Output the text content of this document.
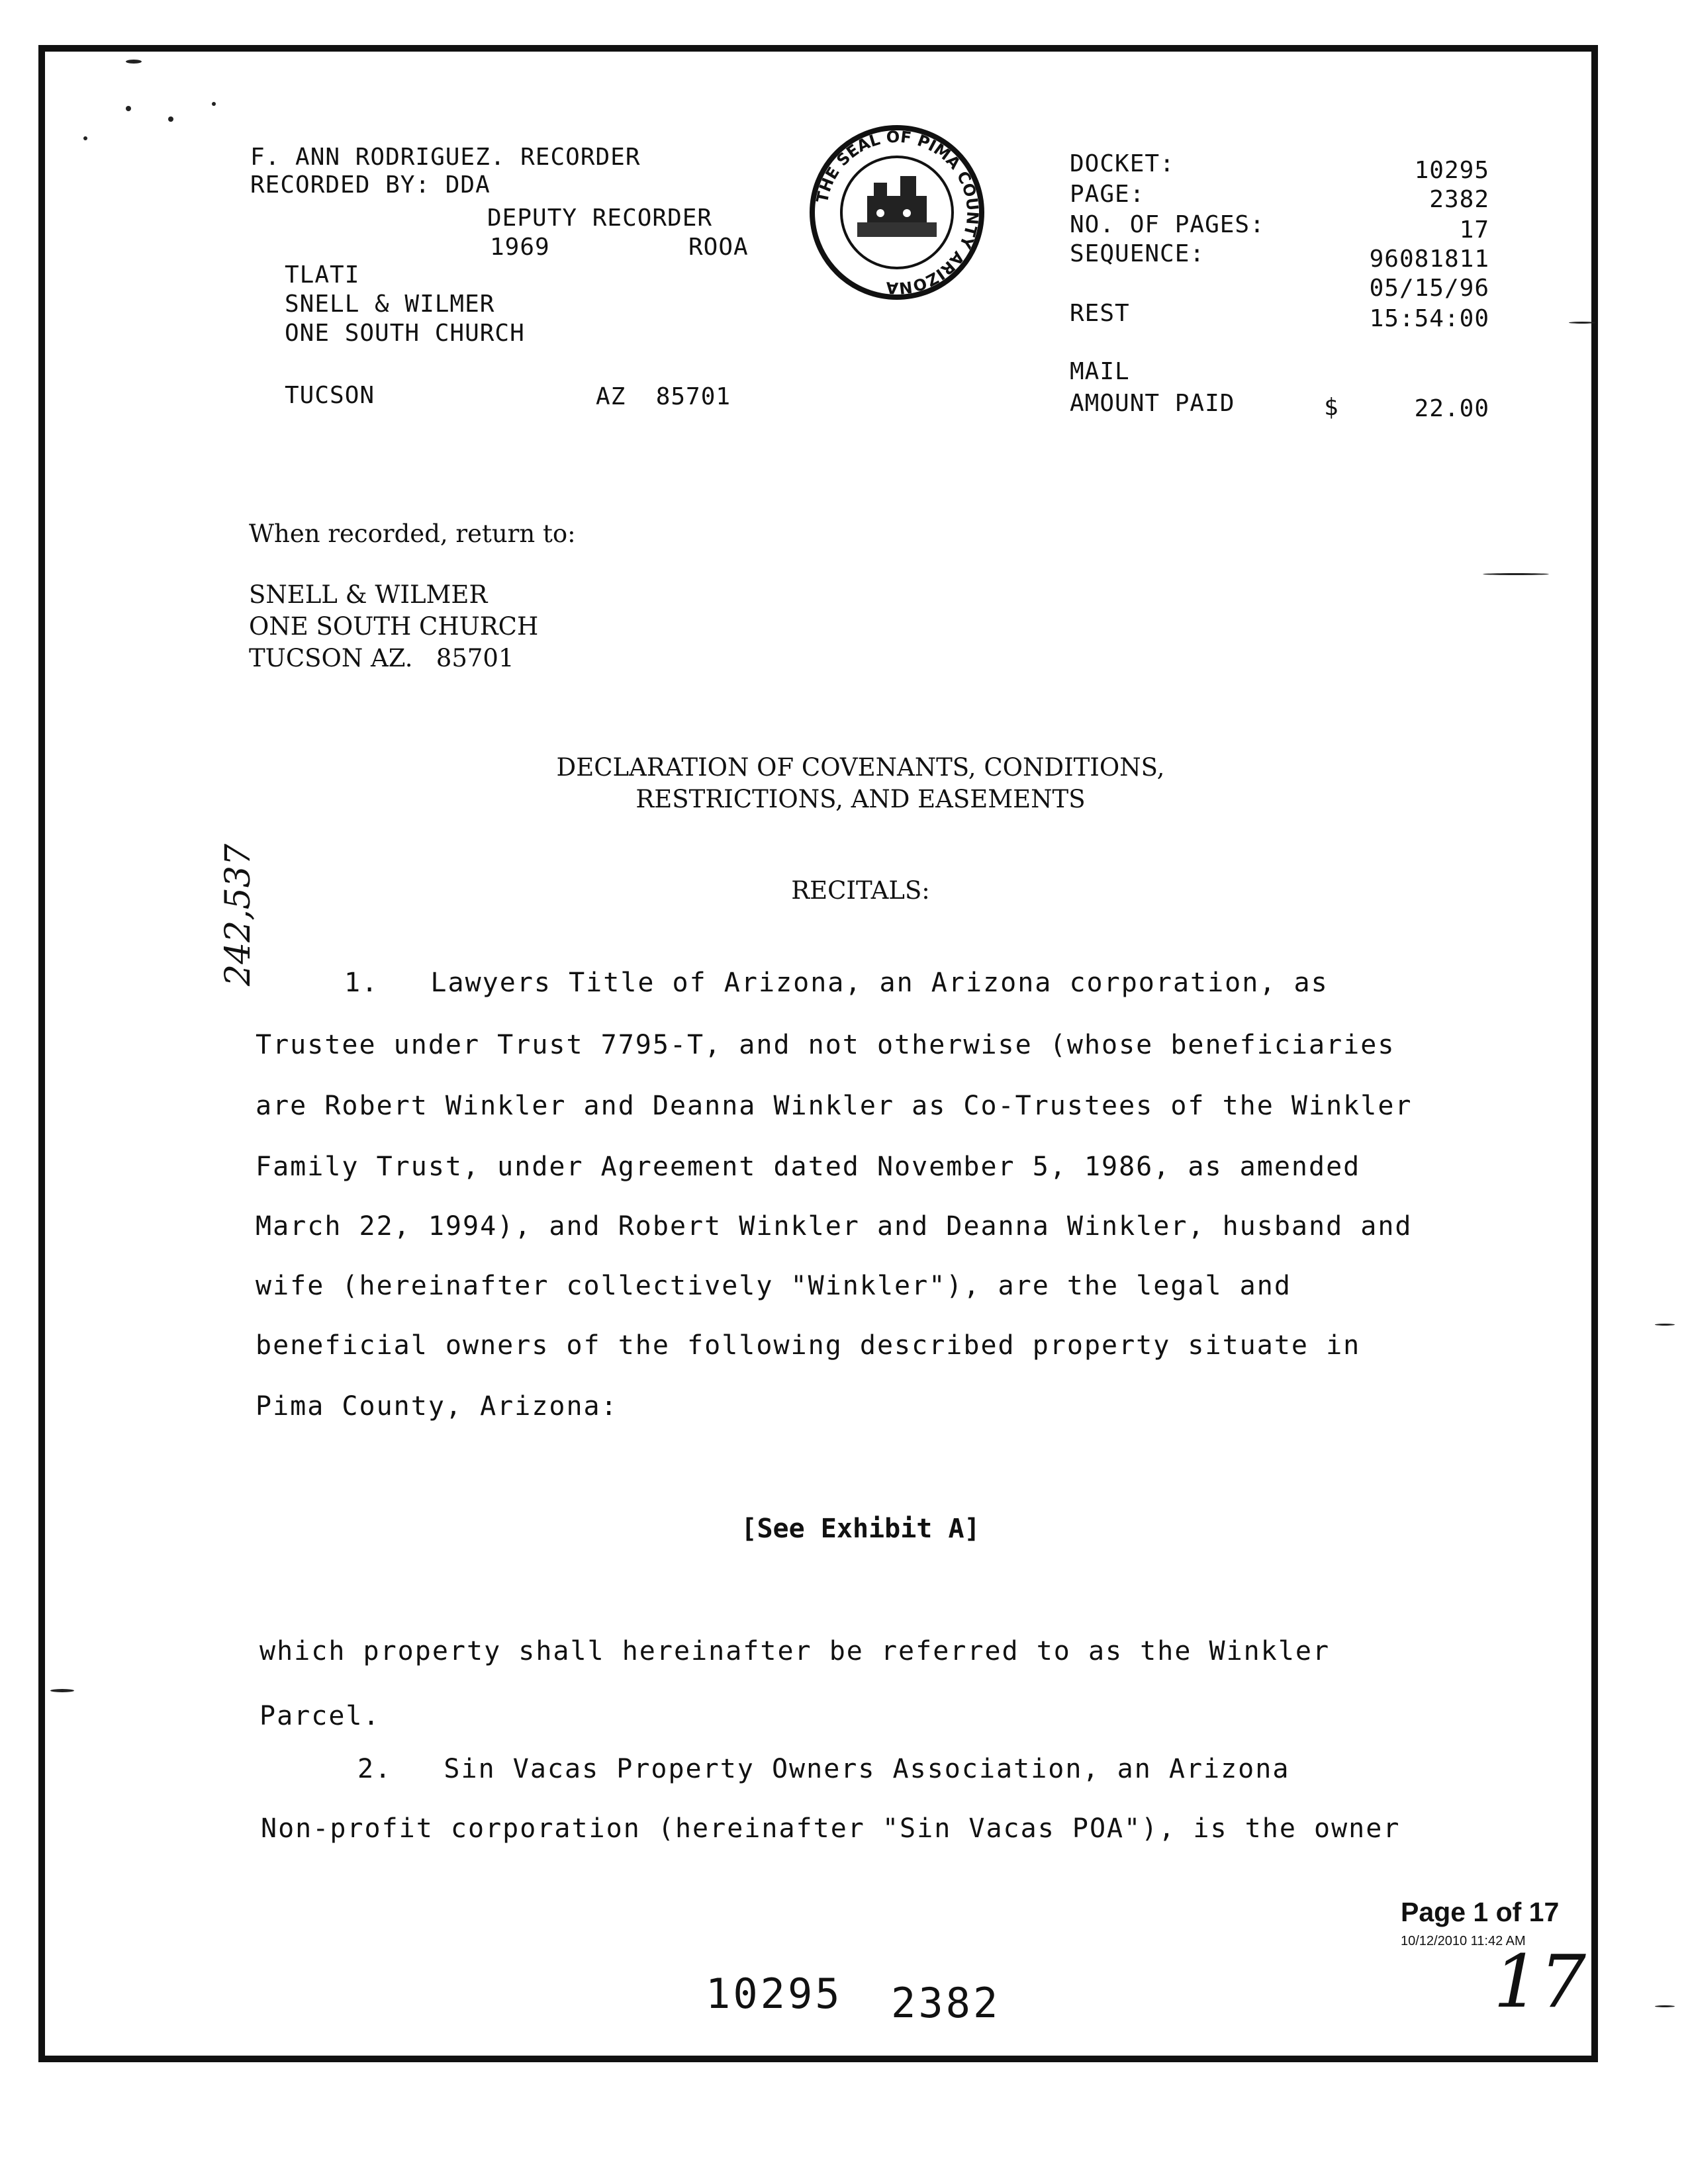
F. ANN RODRIGUEZ. RECORDER
RECORDED BY: DDA
DEPUTY RECORDER
1969	ROOA
TLATI
SNELL & WILMER
ONE SOUTH CHURCH
TUCSON	AZ  85701
THE SEAL OF PIMA COUNTY ARIZONA
DOCKET:	10295
PAGE:	2382
NO. OF PAGES:	17
SEQUENCE:	96081811
05/15/96
REST	15:54:00
MAIL
AMOUNT PAID	$	22.00
When recorded, return to:
SNELL & WILMER
ONE SOUTH CHURCH
TUCSON AZ.   85701
DECLARATION OF COVENANTS, CONDITIONS,
RESTRICTIONS, AND EASEMENTS
RECITALS:
1.   Lawyers Title of Arizona, an Arizona corporation, as
Trustee under Trust 7795-T, and not otherwise (whose beneficiaries
are Robert Winkler and Deanna Winkler as Co-Trustees of the Winkler
Family Trust, under Agreement dated November 5, 1986, as amended
March 22, 1994), and Robert Winkler and Deanna Winkler, husband and
wife (hereinafter collectively "Winkler"), are the legal and
beneficial owners of the following described property situate in
Pima County, Arizona:
[See Exhibit A]
which property shall hereinafter be referred to as the Winkler
Parcel.
2.   Sin Vacas Property Owners Association, an Arizona
Non-profit corporation (hereinafter "Sin Vacas POA"), is the owner
242,537
Page 1 of 17
10/12/2010 11:42 AM
10295 2382	17
